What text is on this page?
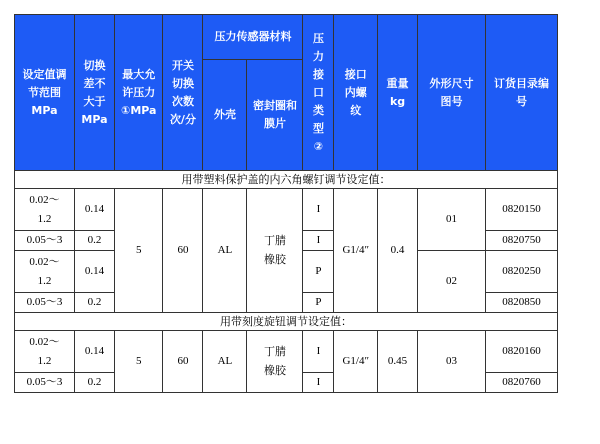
设定值调节范围MPa	切换差不大于MPa	最大允许压力①MPa	开关切换次数次/分	压力传感器材料		压力接口类型②	接口内螺纹	重量kg	外形尺寸图号	订货目录编号
				外壳	密封圈和膜片					
用带塑料保护盖的内六角螺钉调节设定值：										
0.02～1.2	0.14	5	60	AL	丁腈橡胶	I	G1/4″	0.4	01	0820150
0.05～3	0.2					I				0820750
0.02～1.2	0.14					P			02	0820250
0.05～3	0.2					P				0820850
用带刻度旋钮调节设定值：										
0.02～1.2	0.14	5	60	AL	丁腈橡胶	I	G1/4″	0.45	03	0820160
0.05～3	0.2					I				0820760
